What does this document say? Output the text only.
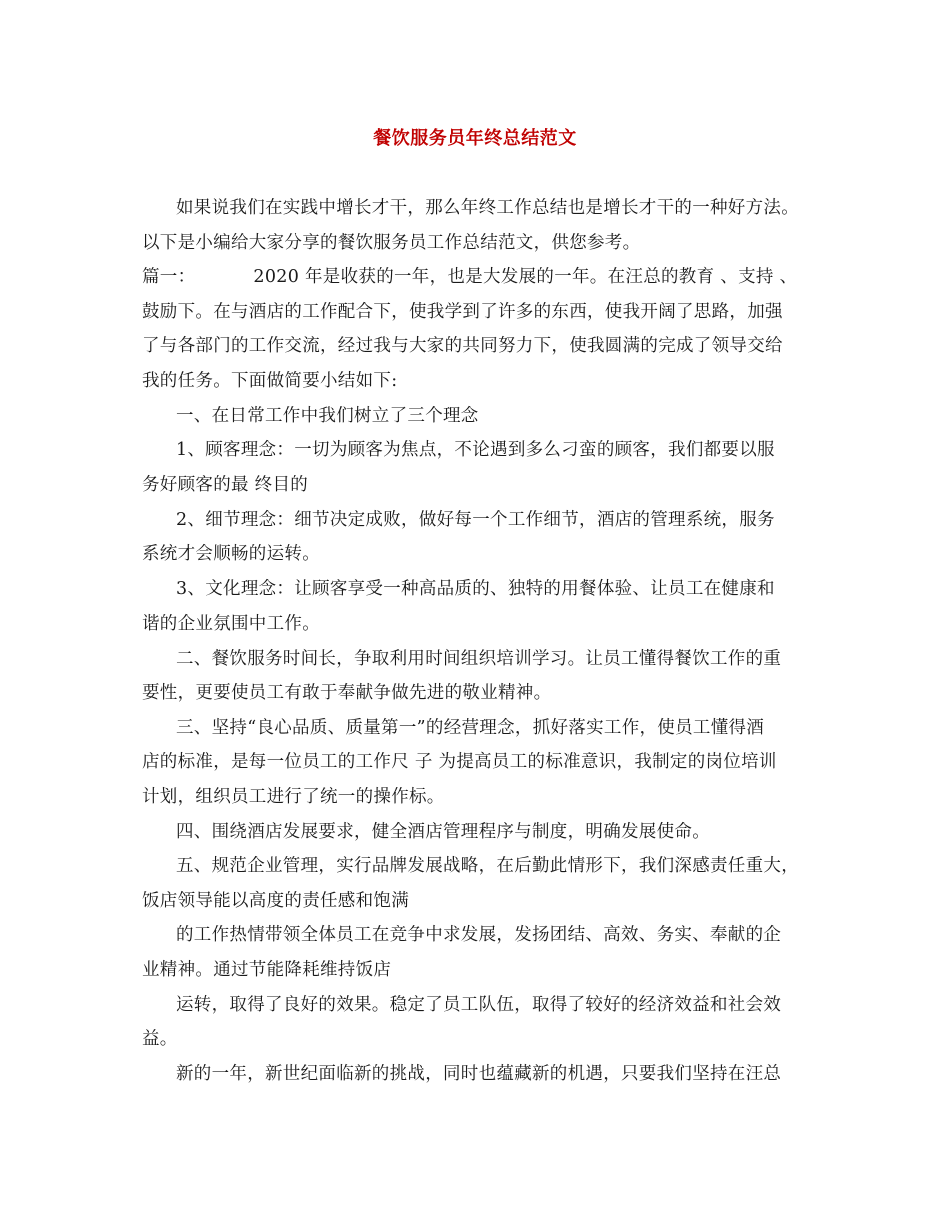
餐饮服务员年终总结范文

如果说我们在实践中增长才干，那么年终工作总结也是增长才干的一种好方法。

以下是小编给大家分享的餐饮服务员工作总结范文，供您参考。

篇一：	2020 年是收获的一年，也是大发展的一年。在汪总的教育 、支持 、

鼓励下。在与酒店的工作配合下，使我学到了许多的东西，使我开阔了思路，加强

了与各部门的工作交流，经过我与大家的共同努力下，使我圆满的完成了领导交给

我的任务。下面做简要小结如下:

一、在日常工作中我们树立了三个理念

1、顾客理念：一切为顾客为焦点，不论遇到多么刁蛮的顾客，我们都要以服

务好顾客的最 终目的

2、细节理念：细节决定成败，做好每一个工作细节，酒店的管理系统，服务

系统才会顺畅的运转。

3、文化理念：让顾客享受一种高品质的、独特的用餐体验、让员工在健康和

谐的企业氛围中工作。

二、餐饮服务时间长，争取利用时间组织培训学习。让员工懂得餐饮工作的重

要性，更要使员工有敢于奉献争做先进的敬业精神。

三、坚持“良心品质、质量第一”的经营理念，抓好落实工作，使员工懂得酒

店的标准，是每一位员工的工作尺 子 为提高员工的标准意识，我制定的岗位培训

计划，组织员工进行了统一的操作标。

四、围绕酒店发展要求，健全酒店管理程序与制度，明确发展使命。

五、规范企业管理，实行品牌发展战略，在后勤此情形下，我们深感责任重大，

饭店领导能以高度的责任感和饱满

的工作热情带领全体员工在竞争中求发展，发扬团结、高效、务实、奉献的企

业精神。通过节能降耗维持饭店

运转，取得了良好的效果。稳定了员工队伍，取得了较好的经济效益和社会效

益。

新的一年，新世纪面临新的挑战，同时也蕴藏新的机遇，只要我们坚持在汪总
